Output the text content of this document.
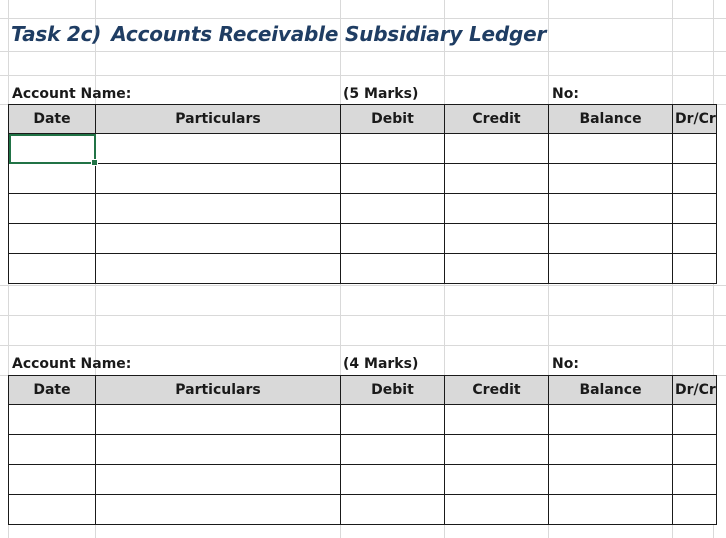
Task 2c) Accounts Receivable Subsidiary Ledger
Account Name:	(5 Marks)	No:
Date	Particulars	Debit	Credit	Balance	Dr/Cr

Account Name:	(4 Marks)	No:
Date	Particulars	Debit	Credit	Balance	Dr/Cr
